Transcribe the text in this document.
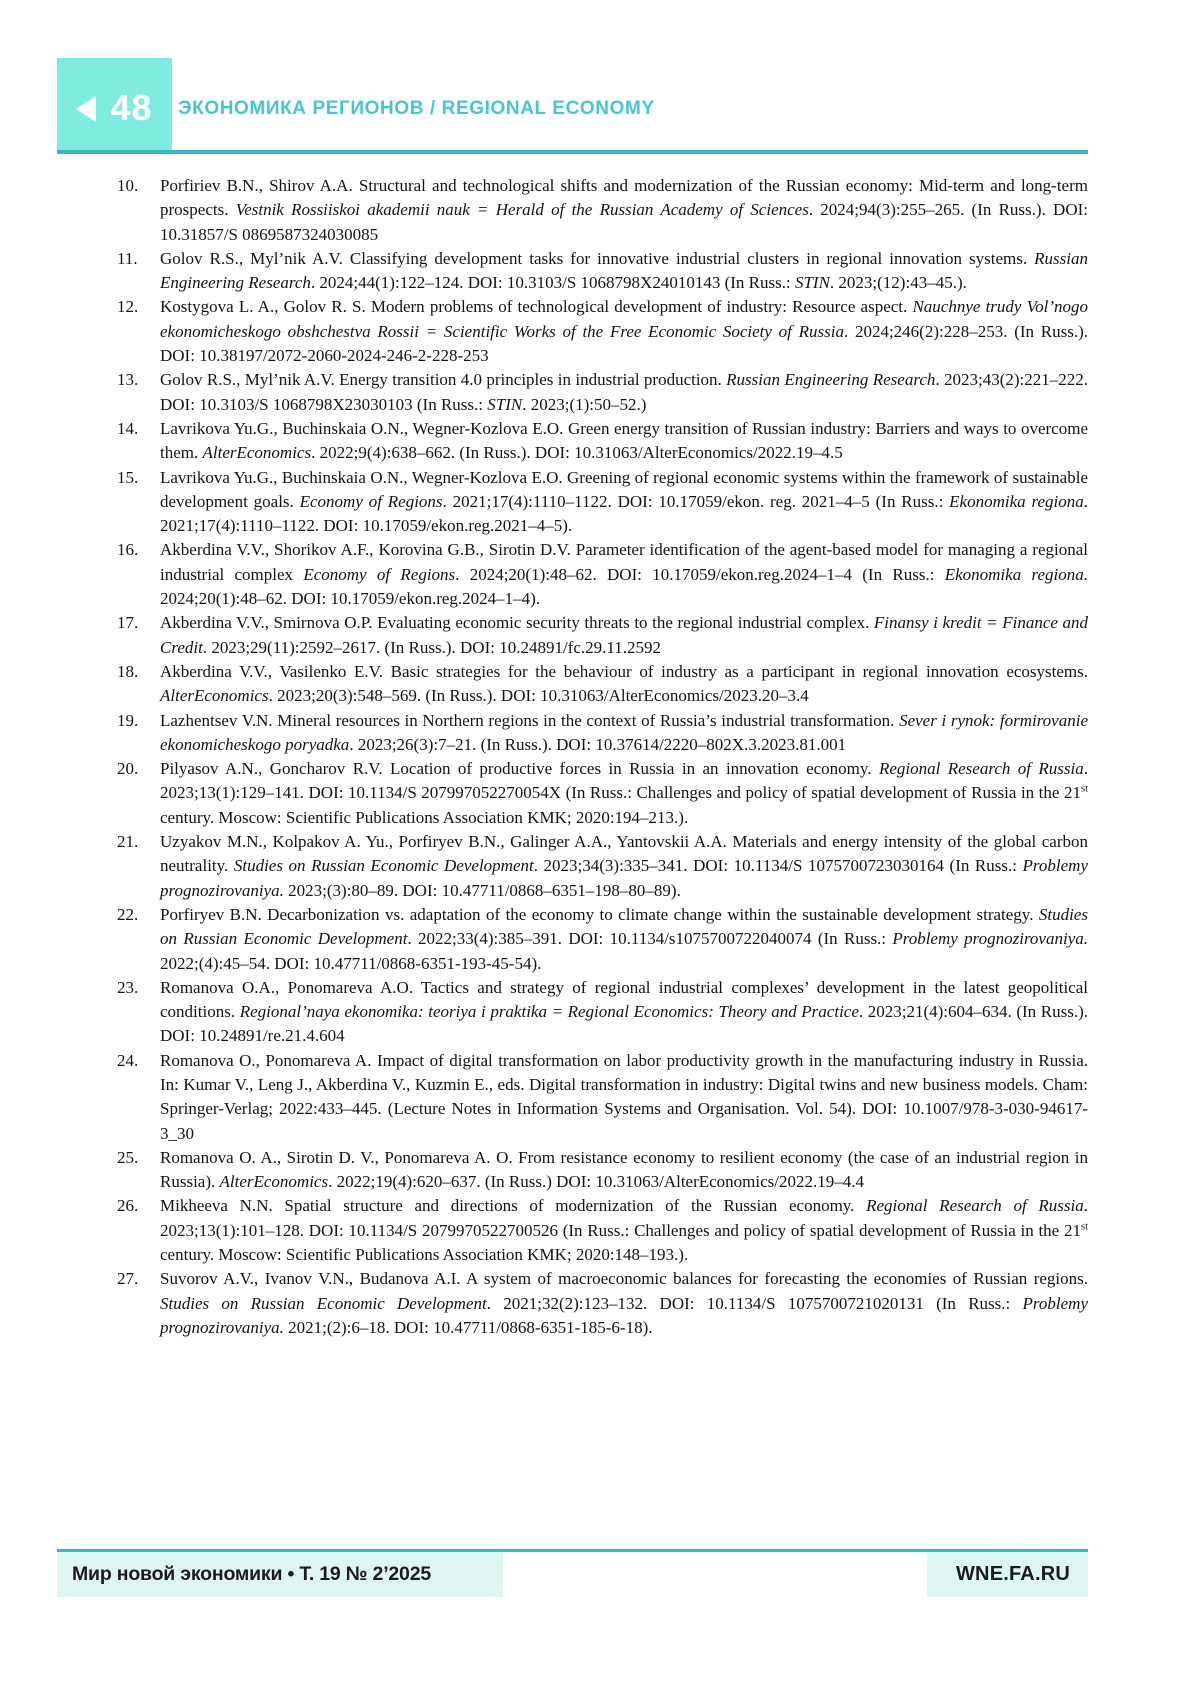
48 ЭКОНОМИКА РЕГИОНОВ / REGIONAL ECONOMY
10. Porfiriev B.N., Shirov A.A. Structural and technological shifts and modernization of the Russian economy: Mid-term and long-term prospects. Vestnik Rossiiskoi akademii nauk = Herald of the Russian Academy of Sciences. 2024;94(3):255–265. (In Russ.). DOI: 10.31857/S 0869587324030085
11. Golov R.S., Myl’nik A.V. Classifying development tasks for innovative industrial clusters in regional innovation systems. Russian Engineering Research. 2024;44(1):122–124. DOI: 10.3103/S 1068798X24010143 (In Russ.: STIN. 2023;(12):43–45.).
12. Kostygova L. A., Golov R. S. Modern problems of technological development of industry: Resource aspect. Nauchnye trudy Vol’nogo ekonomicheskogo obshchestva Rossii = Scientific Works of the Free Economic Society of Russia. 2024;246(2):228–253. (In Russ.). DOI: 10.38197/2072-2060-2024-246-2-228-253
13. Golov R.S., Myl’nik A.V. Energy transition 4.0 principles in industrial production. Russian Engineering Research. 2023;43(2):221–222. DOI: 10.3103/S 1068798X23030103 (In Russ.: STIN. 2023;(1):50–52.)
14. Lavrikova Yu.G., Buchinskaia O.N., Wegner-Kozlova E.O. Green energy transition of Russian industry: Barriers and ways to overcome them. AlterEconomics. 2022;9(4):638–662. (In Russ.). DOI: 10.31063/AlterEconomics/2022.19–4.5
15. Lavrikova Yu.G., Buchinskaia O.N., Wegner-Kozlova E.O. Greening of regional economic systems within the framework of sustainable development goals. Economy of Regions. 2021;17(4):1110–1122. DOI: 10.17059/ekon. reg. 2021–4–5 (In Russ.: Ekonomika regiona. 2021;17(4):1110–1122. DOI: 10.17059/ekon.reg.2021–4–5).
16. Akberdina V.V., Shorikov A.F., Korovina G.B., Sirotin D.V. Parameter identification of the agent-based model for managing a regional industrial complex Economy of Regions. 2024;20(1):48–62. DOI: 10.17059/ekon.reg.2024–1–4 (In Russ.: Ekonomika regiona. 2024;20(1):48–62. DOI: 10.17059/ekon.reg.2024–1–4).
17. Akberdina V.V., Smirnova O.P. Evaluating economic security threats to the regional industrial complex. Finansy i kredit = Finance and Credit. 2023;29(11):2592–2617. (In Russ.). DOI: 10.24891/fc.29.11.2592
18. Akberdina V.V., Vasilenko E.V. Basic strategies for the behaviour of industry as a participant in regional innovation ecosystems. AlterEconomics. 2023;20(3):548–569. (In Russ.). DOI: 10.31063/AlterEconomics/2023.20–3.4
19. Lazhentsev V.N. Mineral resources in Northern regions in the context of Russia’s industrial transformation. Sever i rynok: formirovanie ekonomicheskogo poryadka. 2023;26(3):7–21. (In Russ.). DOI: 10.37614/2220–802X.3.2023.81.001
20. Pilyasov A.N., Goncharov R.V. Location of productive forces in Russia in an innovation economy. Regional Research of Russia. 2023;13(1):129–141. DOI: 10.1134/S 207997052270054X (In Russ.: Challenges and policy of spatial development of Russia in the 21st century. Moscow: Scientific Publications Association KMK; 2020:194–213.).
21. Uzyakov M.N., Kolpakov A. Yu., Porfiryev B.N., Galinger A.A., Yantovskii A.A. Materials and energy intensity of the global carbon neutrality. Studies on Russian Economic Development. 2023;34(3):335–341. DOI: 10.1134/S 1075700723030164 (In Russ.: Problemy prognozirovaniya. 2023;(3):80–89. DOI: 10.47711/0868–6351–198–80–89).
22. Porfiryev B.N. Decarbonization vs. adaptation of the economy to climate change within the sustainable development strategy. Studies on Russian Economic Development. 2022;33(4):385–391. DOI: 10.1134/s1075700722040074 (In Russ.: Problemy prognozirovaniya. 2022;(4):45–54. DOI: 10.47711/0868-6351-193-45-54).
23. Romanova O.A., Ponomareva A.O. Tactics and strategy of regional industrial complexes’ development in the latest geopolitical conditions. Regional’naya ekonomika: teoriya i praktika = Regional Economics: Theory and Practice. 2023;21(4):604–634. (In Russ.). DOI: 10.24891/re.21.4.604
24. Romanova O., Ponomareva A. Impact of digital transformation on labor productivity growth in the manufacturing industry in Russia. In: Kumar V., Leng J., Akberdina V., Kuzmin E., eds. Digital transformation in industry: Digital twins and new business models. Cham: Springer-Verlag; 2022:433–445. (Lecture Notes in Information Systems and Organisation. Vol. 54). DOI: 10.1007/978-3-030-94617-3_30
25. Romanova O. A., Sirotin D. V., Ponomareva A. O. From resistance economy to resilient economy (the case of an industrial region in Russia). AlterEconomics. 2022;19(4):620–637. (In Russ.) DOI: 10.31063/AlterEconomics/2022.19–4.4
26. Mikheeva N.N. Spatial structure and directions of modernization of the Russian economy. Regional Research of Russia. 2023;13(1):101–128. DOI: 10.1134/S 2079970522700526 (In Russ.: Challenges and policy of spatial development of Russia in the 21st century. Moscow: Scientific Publications Association KMK; 2020:148–193.).
27. Suvorov A.V., Ivanov V.N., Budanova A.I. A system of macroeconomic balances for forecasting the economies of Russian regions. Studies on Russian Economic Development. 2021;32(2):123–132. DOI: 10.1134/S 1075700721020131 (In Russ.: Problemy prognozirovaniya. 2021;(2):6–18. DOI: 10.47711/0868-6351-185-6-18).
Мир новой экономики • Т. 19 № 2’2025	WNE.FA.RU
